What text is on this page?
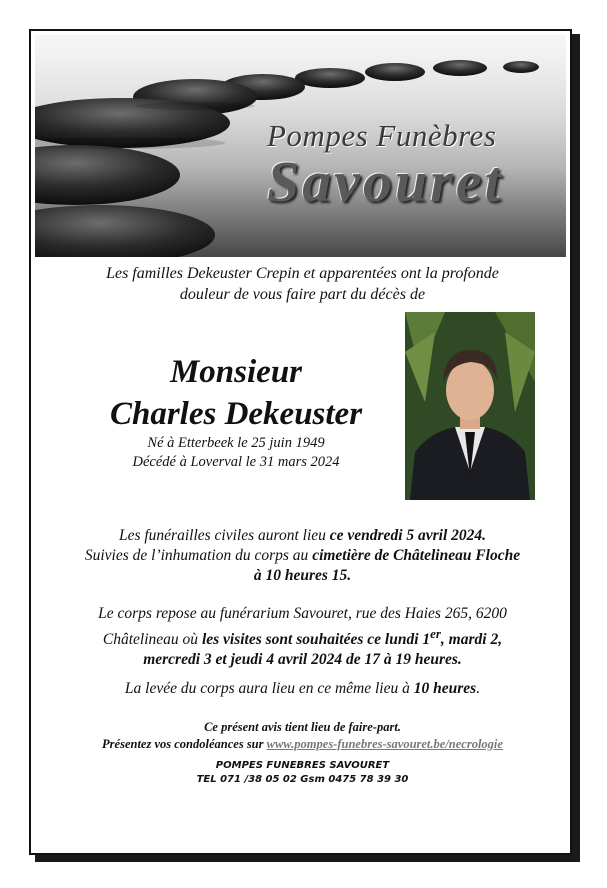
Pompes Funèbres
Savouret
Les familles Dekeuster Crepin et apparentées ont la profonde
douleur de vous faire part du décès de
Monsieur
Charles Dekeuster
Né à Etterbeek le 25 juin 1949
Décédé à Loverval le 31 mars 2024
Les funérailles civiles auront lieu ce vendredi 5 avril 2024.
Suivies de l’inhumation du corps au cimetière de Châtelineau Floche
à 10 heures 15.
Le corps repose au funérarium Savouret, rue des Haies 265, 6200
Châtelineau où les visites sont souhaitées ce lundi 1er, mardi 2,
mercredi 3 et jeudi 4 avril 2024 de 17 à 19 heures.
La levée du corps aura lieu en ce même lieu à 10 heures.
Ce présent avis tient lieu de faire-part.
Présentez vos condoléances sur www.pompes-funebres-savouret.be/necrologie
POMPES FUNEBRES SAVOURET
TEL 071 /38 05 02 Gsm 0475 78 39 30
